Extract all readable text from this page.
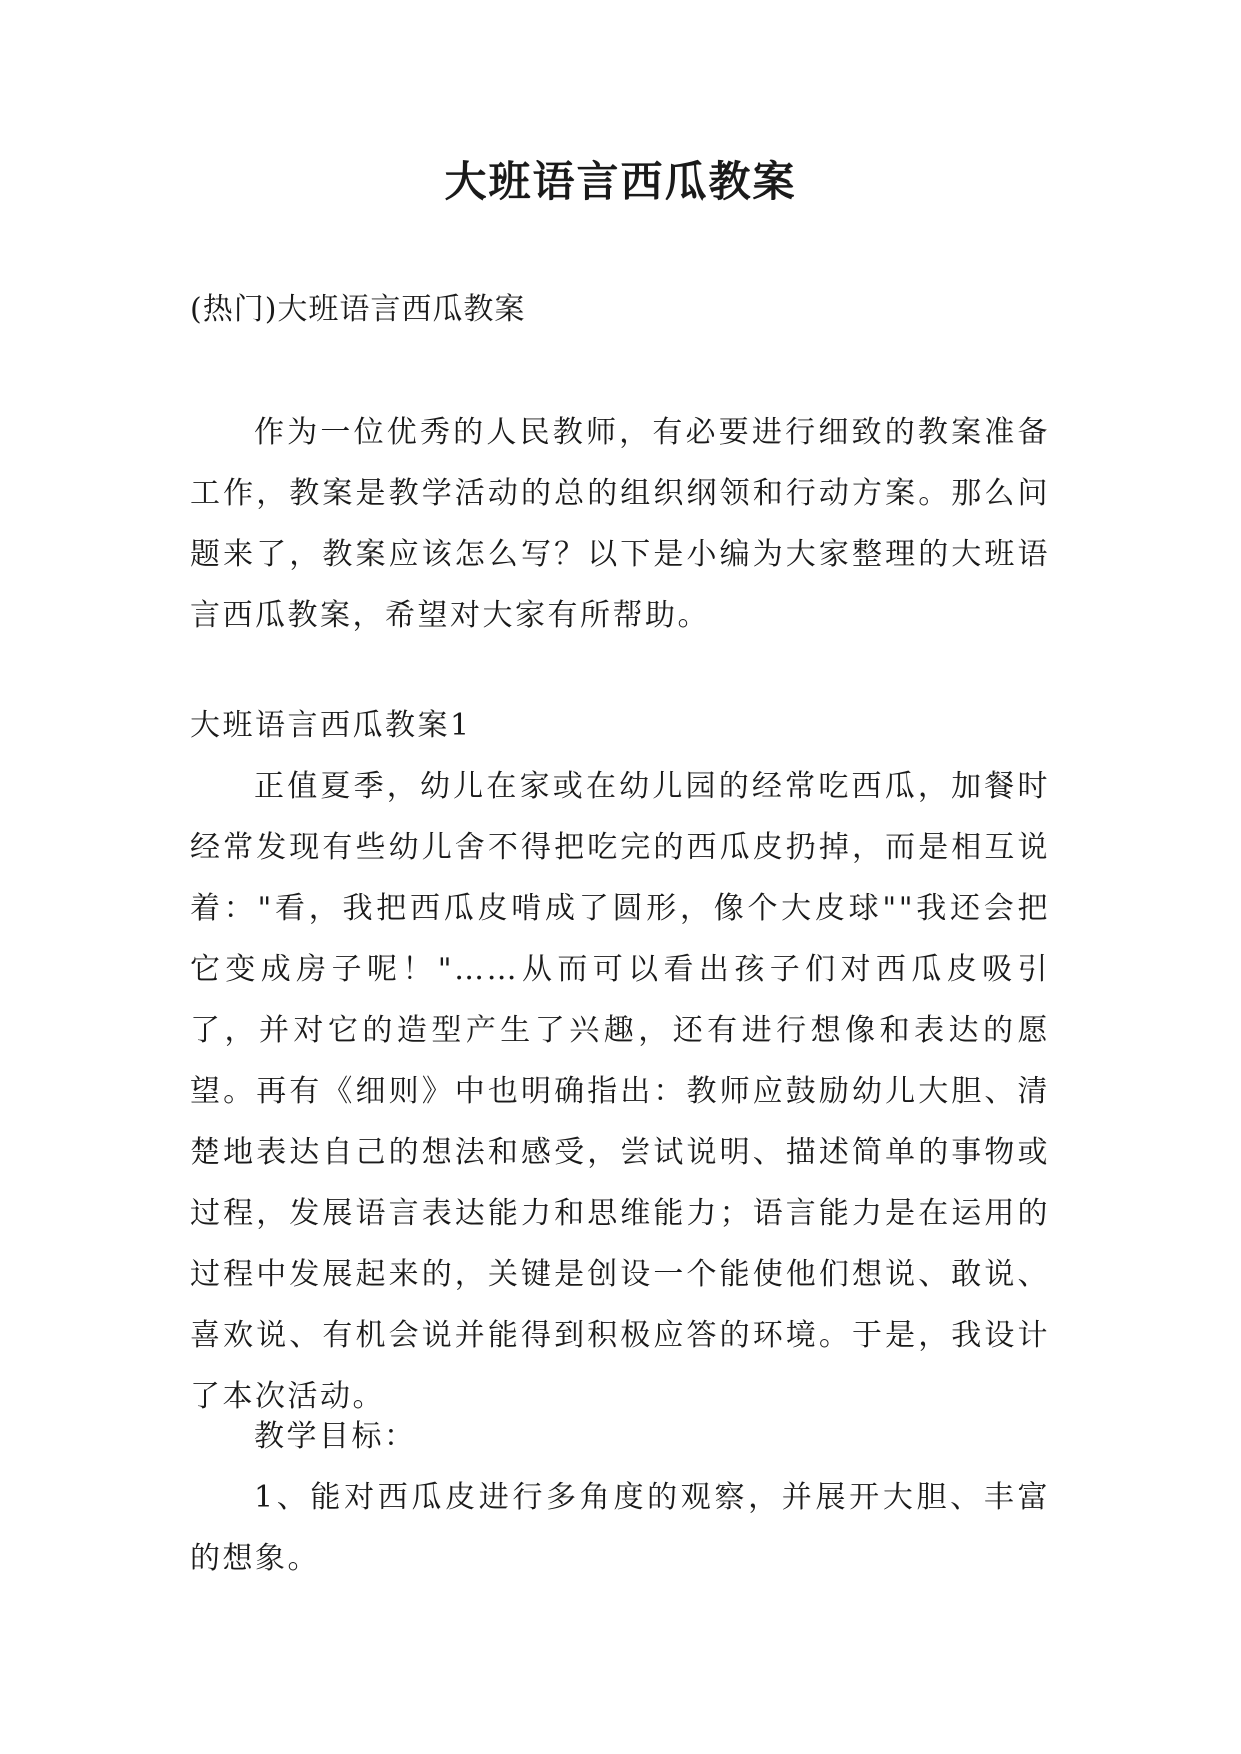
大班语言西瓜教案

(热门)大班语言西瓜教案

作为一位优秀的人民教师，有必要进行细致的教案准备工作，教案是教学活动的总的组织纲领和行动方案。那么问题来了，教案应该怎么写？以下是小编为大家整理的大班语言西瓜教案，希望对大家有所帮助。

大班语言西瓜教案1

正值夏季，幼儿在家或在幼儿园的经常吃西瓜，加餐时经常发现有些幼儿舍不得把吃完的西瓜皮扔掉，而是相互说着："看，我把西瓜皮啃成了圆形，像个大皮球""我还会把它变成房子呢！"……从而可以看出孩子们对西瓜皮吸引了，并对它的造型产生了兴趣，还有进行想像和表达的愿望。再有《细则》中也明确指出：教师应鼓励幼儿大胆、清楚地表达自己的想法和感受，尝试说明、描述简单的事物或过程，发展语言表达能力和思维能力；语言能力是在运用的过程中发展起来的，关键是创设一个能使他们想说、敢说、喜欢说、有机会说并能得到积极应答的环境。于是，我设计了本次活动。

教学目标：

1、能对西瓜皮进行多角度的观察，并展开大胆、丰富的想象。
